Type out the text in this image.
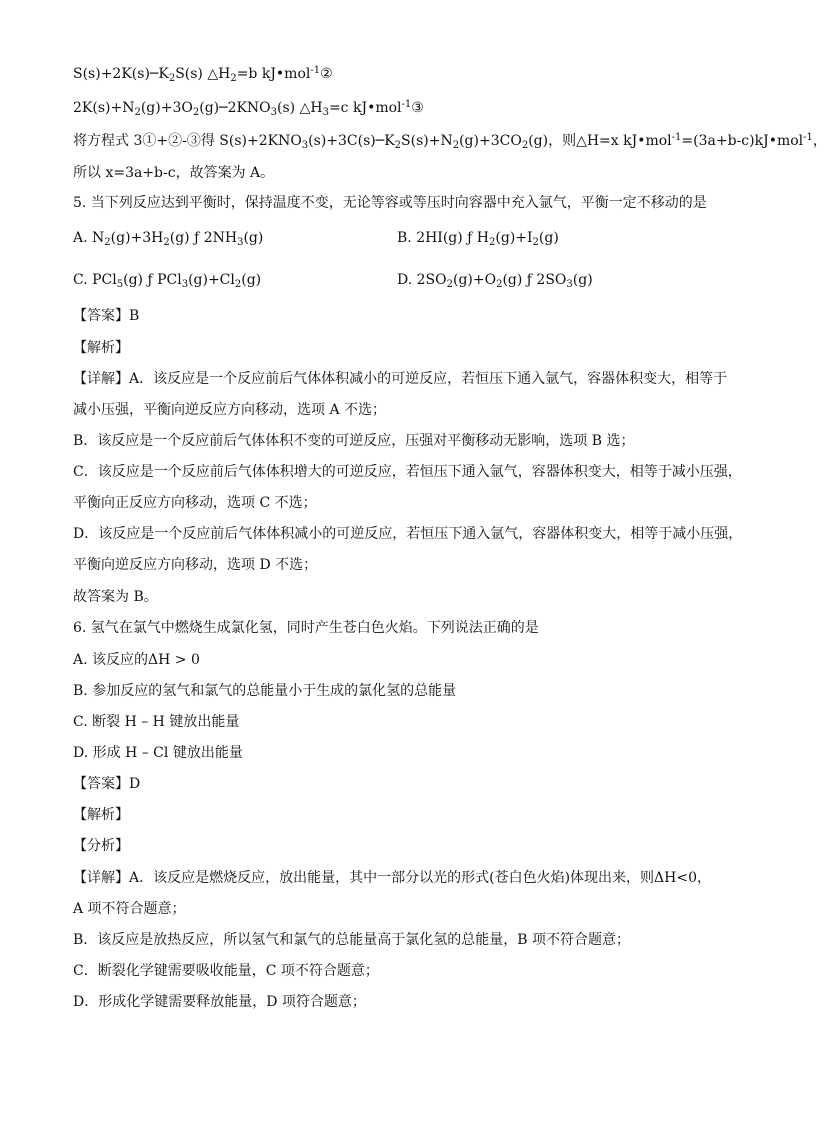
$S(s)+2K(s)─K_2S(s)$ $\triangle H_2=b$ kJ•mol$^{-1}$②
$2K(s)+N_2(g)+3O_2(g)─2KNO_3(s)$ $\triangle H_3=c$ kJ•mol$^{-1}$③
将方程式 3①+②-③得 $S(s)+2KNO_3(s)+3C(s)─K_2S(s)+N_2(g)+3CO_2(g)$，则△H=x kJ•mol$^{-1}$=(3a+b-c)kJ•mol$^{-1}$，
所以 x=3a+b-c，故答案为 A。
5. 当下列反应达到平衡时，保持温度不变，无论等容或等压时向容器中充入氩气，平衡一定不移动的是
【答案】B
【解析】
【详解】A．该反应是一个反应前后气体体积减小的可逆反应，若恒压下通入氩气，容器体积变大，相等于
减小压强，平衡向逆反应方向移动，选项 A 不选；
B．该反应是一个反应前后气体体积不变的可逆反应，压强对平衡移动无影响，选项 B 选；
C．该反应是一个反应前后气体体积增大的可逆反应，若恒压下通入氩气，容器体积变大，相等于减小压强，
平衡向正反应方向移动，选项 C 不选；
D．该反应是一个反应前后气体体积减小的可逆反应，若恒压下通入氩气，容器体积变大，相等于减小压强，
平衡向逆反应方向移动，选项 D 不选；
故答案为 B。
6. 氢气在氯气中燃烧生成氯化氢，同时产生苍白色火焰。下列说法正确的是
A. 该反应的ΔH > 0
B. 参加反应的氢气和氯气的总能量小于生成的氯化氢的总能量
C. 断裂 H – H 键放出能量
D. 形成 H – Cl 键放出能量
【答案】D
【解析】
【分析】
【详解】A．该反应是燃烧反应，放出能量，其中一部分以光的形式(苍白色火焰)体现出来，则ΔH<0，
A 项不符合题意；
B．该反应是放热反应，所以氢气和氯气的总能量高于氯化氢的总能量，B 项不符合题意；
C．断裂化学键需要吸收能量，C 项不符合题意；
D．形成化学键需要释放能量，D 项符合题意；
A. $N_2(g)+3H_2(g)$ ƒ $2NH_3(g)$	B. 2HI(g) ƒ $H_2(g)+I_2(g)$
C. PCl$_5$(g) ƒ $PCl_3(g)+Cl_2(g)$	D. $2SO_2(g)+O_2(g)$ ƒ $2SO_3(g)$
